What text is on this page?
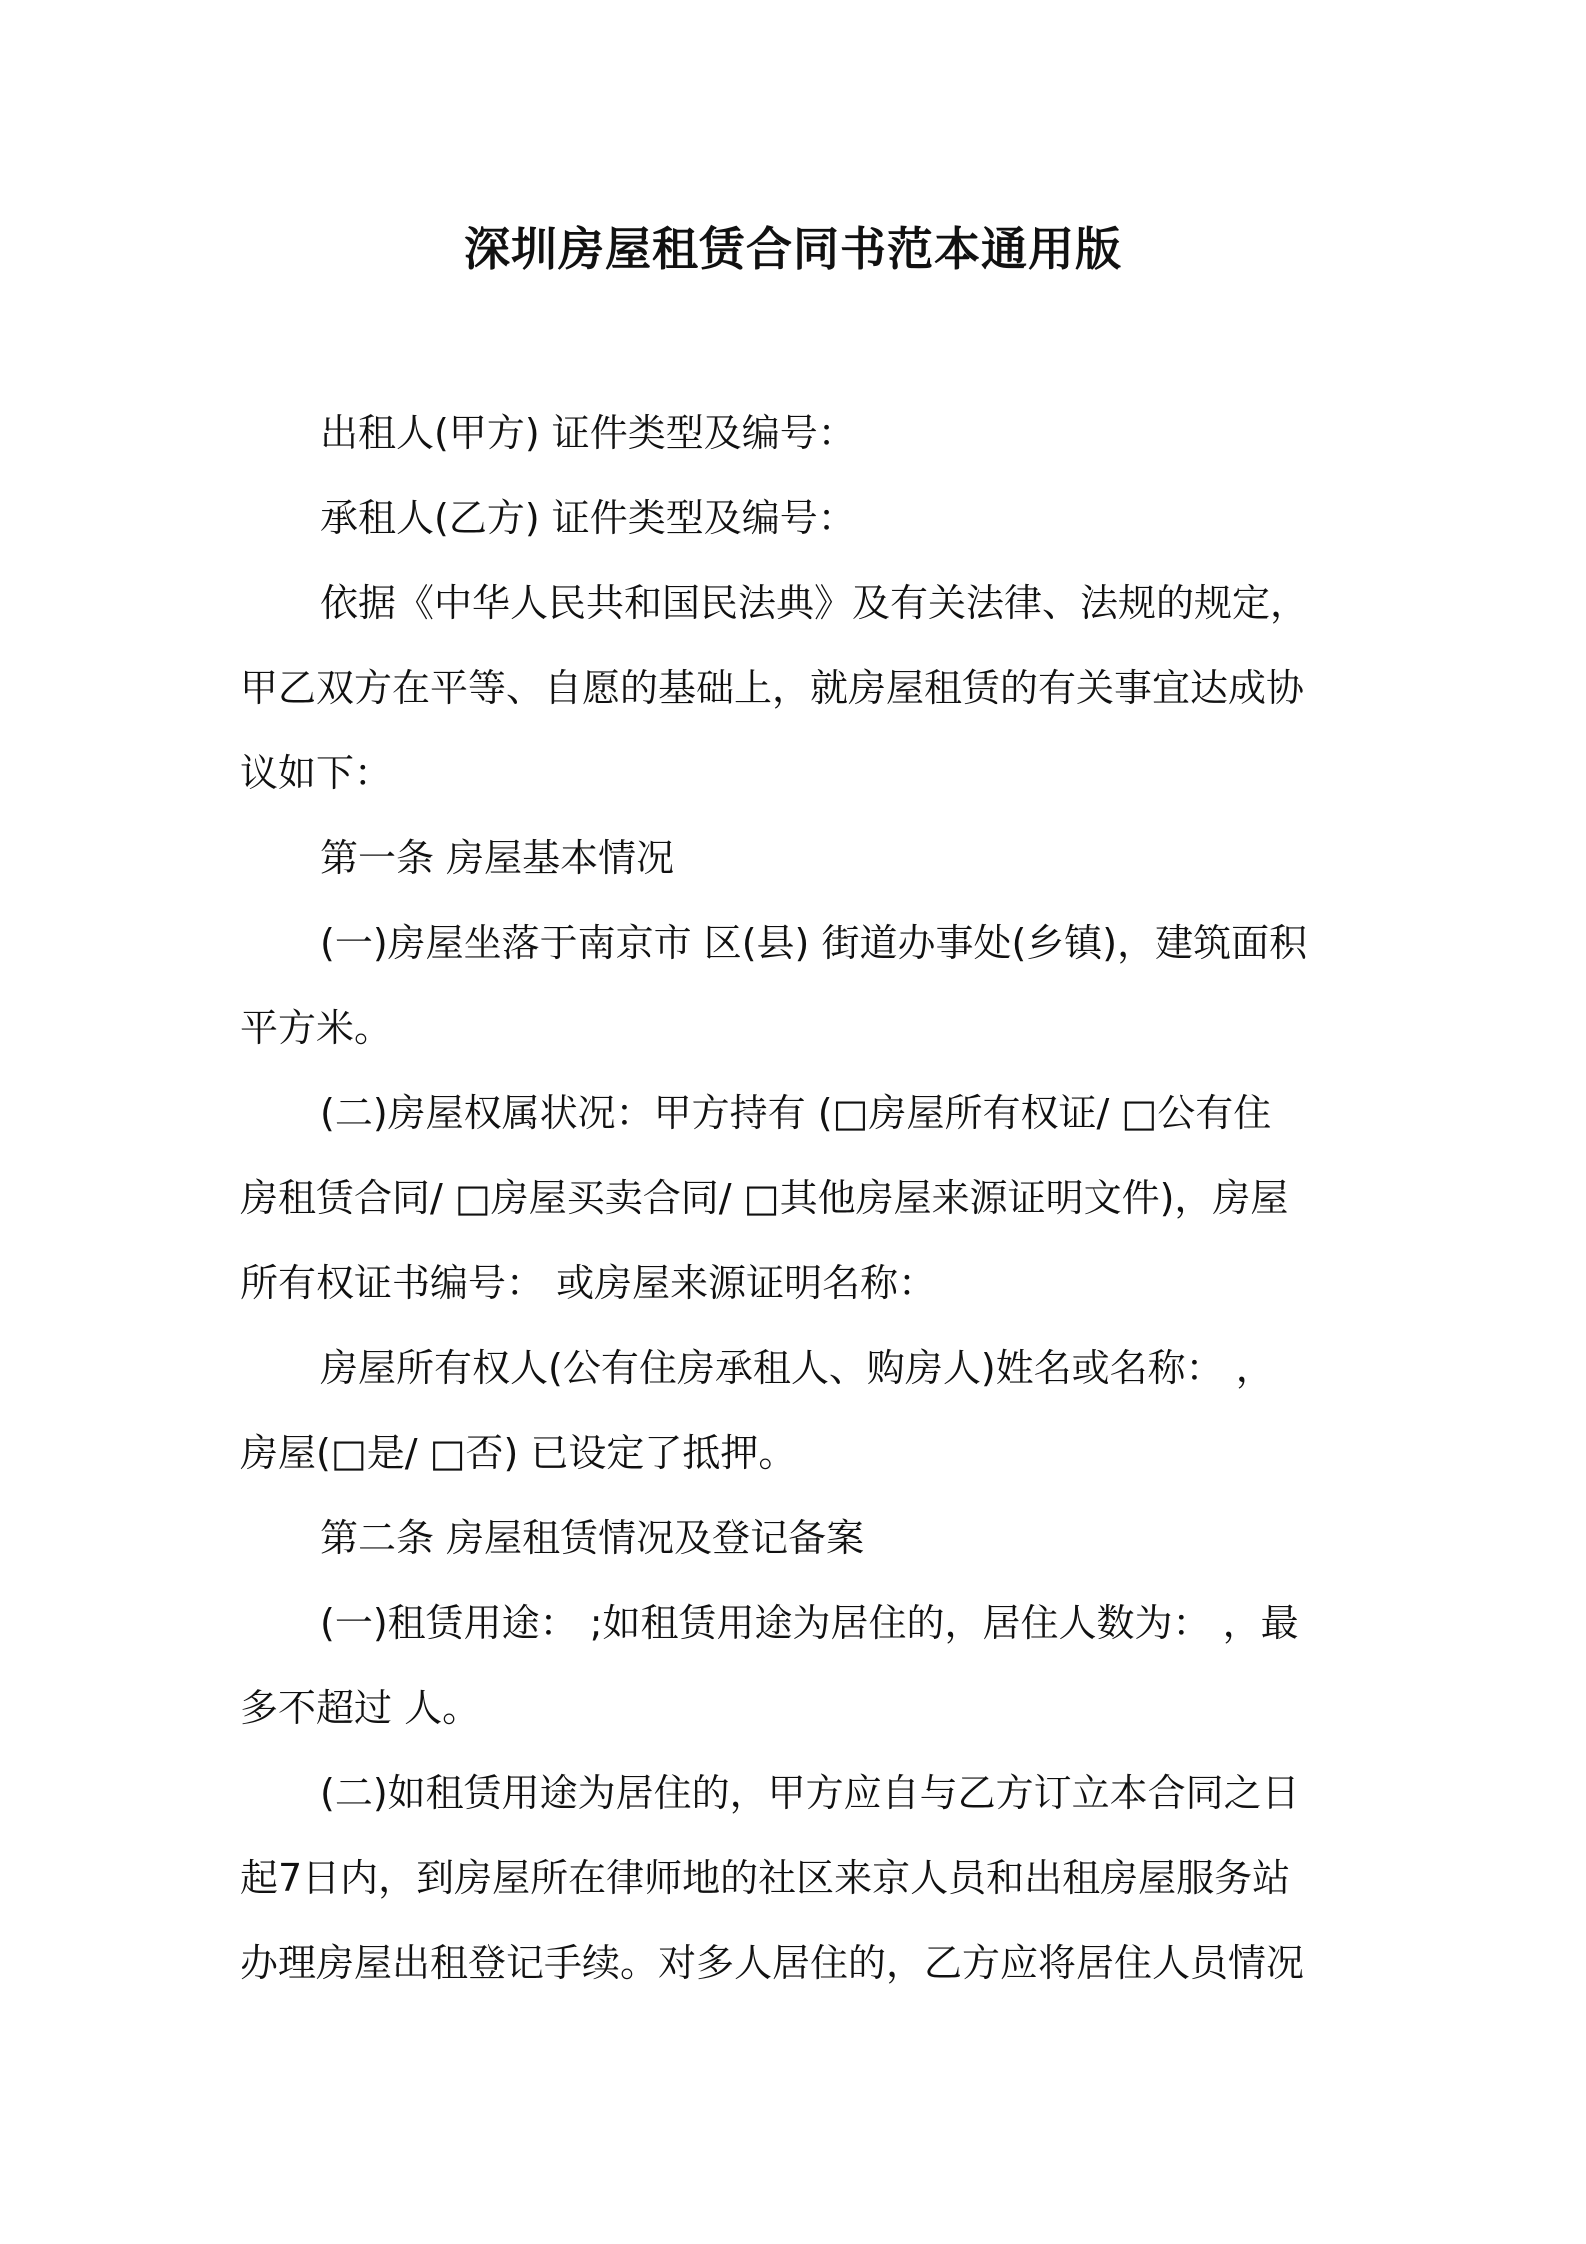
深圳房屋租赁合同书范本通用版

出租人(甲方) 证件类型及编号：

承租人(乙方) 证件类型及编号：

依据《中华人民共和国民法典》及有关法律、法规的规定，

甲乙双方在平等、自愿的基础上，就房屋租赁的有关事宜达成协

议如下：

第一条 房屋基本情况

(一)房屋坐落于南京市 区(县) 街道办事处(乡镇)，建筑面积

平方米。

(二)房屋权属状况：甲方持有 (□房屋所有权证/ □公有住

房租赁合同/ □房屋买卖合同/ □其他房屋来源证明文件)，房屋

所有权证书编号： 或房屋来源证明名称：

房屋所有权人(公有住房承租人、购房人)姓名或名称： ，

房屋(□是/ □否) 已设定了抵押。

第二条 房屋租赁情况及登记备案

(一)租赁用途： ;如租赁用途为居住的，居住人数为： ，最

多不超过 人。

(二)如租赁用途为居住的，甲方应自与乙方订立本合同之日

起7日内，到房屋所在律师地的社区来京人员和出租房屋服务站

办理房屋出租登记手续。对多人居住的，乙方应将居住人员情况
